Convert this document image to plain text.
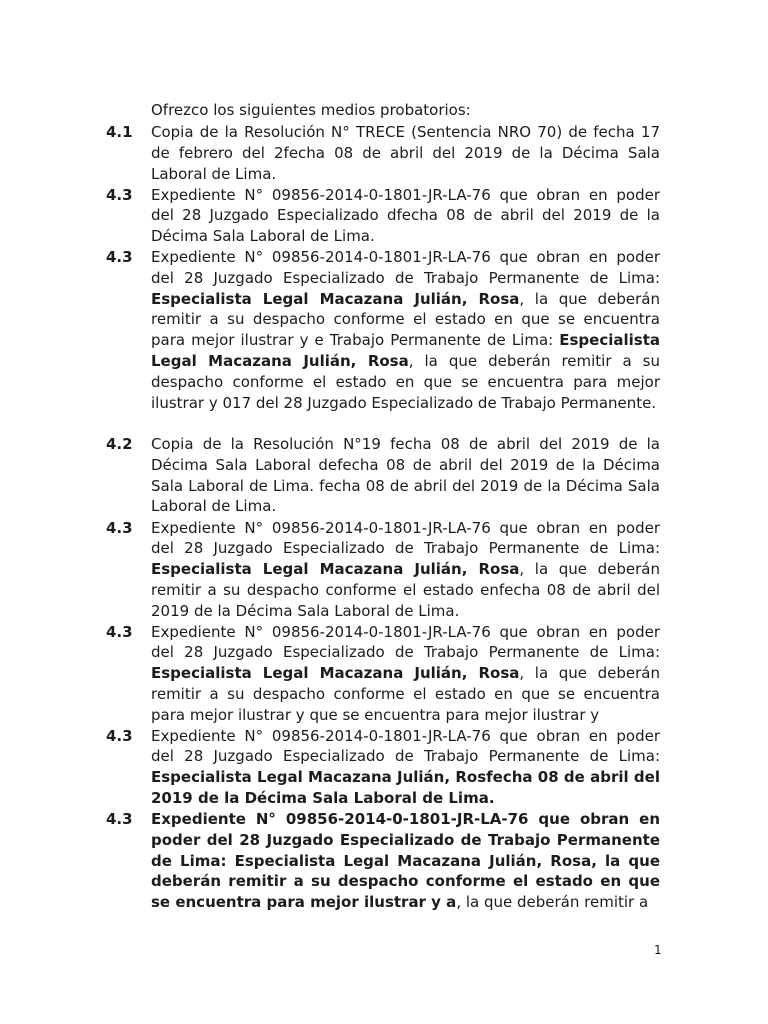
Ofrezco los siguientes medios probatorios:
4.1 Copia de la Resolución N° TRECE (Sentencia NRO 70) de fecha 17 de febrero del 2fecha 08 de abril del 2019 de la Décima Sala Laboral de Lima.
4.3 Expediente N° 09856-2014-0-1801-JR-LA-76 que obran en poder del 28 Juzgado Especializado dfecha 08 de abril del 2019 de la Décima Sala Laboral de Lima.
4.3 Expediente N° 09856-2014-0-1801-JR-LA-76 que obran en poder del 28 Juzgado Especializado de Trabajo Permanente de Lima: Especialista Legal Macazana Julián, Rosa, la que deberán remitir a su despacho conforme el estado en que se encuentra para mejor ilustrar y e Trabajo Permanente de Lima: Especialista Legal Macazana Julián, Rosa, la que deberán remitir a su despacho conforme el estado en que se encuentra para mejor ilustrar y 017 del 28 Juzgado Especializado de Trabajo Permanente.
4.2 Copia de la Resolución N°19 fecha 08 de abril del 2019 de la Décima Sala Laboral defecha 08 de abril del 2019 de la Décima Sala Laboral de Lima. fecha 08 de abril del 2019 de la Décima Sala Laboral de Lima.
4.3 Expediente N° 09856-2014-0-1801-JR-LA-76 que obran en poder del 28 Juzgado Especializado de Trabajo Permanente de Lima: Especialista Legal Macazana Julián, Rosa, la que deberán remitir a su despacho conforme el estado enfecha 08 de abril del 2019 de la Décima Sala Laboral de Lima.
4.3 Expediente N° 09856-2014-0-1801-JR-LA-76 que obran en poder del 28 Juzgado Especializado de Trabajo Permanente de Lima: Especialista Legal Macazana Julián, Rosa, la que deberán remitir a su despacho conforme el estado en que se encuentra para mejor ilustrar y que se encuentra para mejor ilustrar y
4.3 Expediente N° 09856-2014-0-1801-JR-LA-76 que obran en poder del 28 Juzgado Especializado de Trabajo Permanente de Lima: Especialista Legal Macazana Julián, Rosfecha 08 de abril del 2019 de la Décima Sala Laboral de Lima.
4.3 Expediente N° 09856-2014-0-1801-JR-LA-76 que obran en poder del 28 Juzgado Especializado de Trabajo Permanente de Lima: Especialista Legal Macazana Julián, Rosa, la que deberán remitir a su despacho conforme el estado en que se encuentra para mejor ilustrar y a, la que deberán remitir a
1
